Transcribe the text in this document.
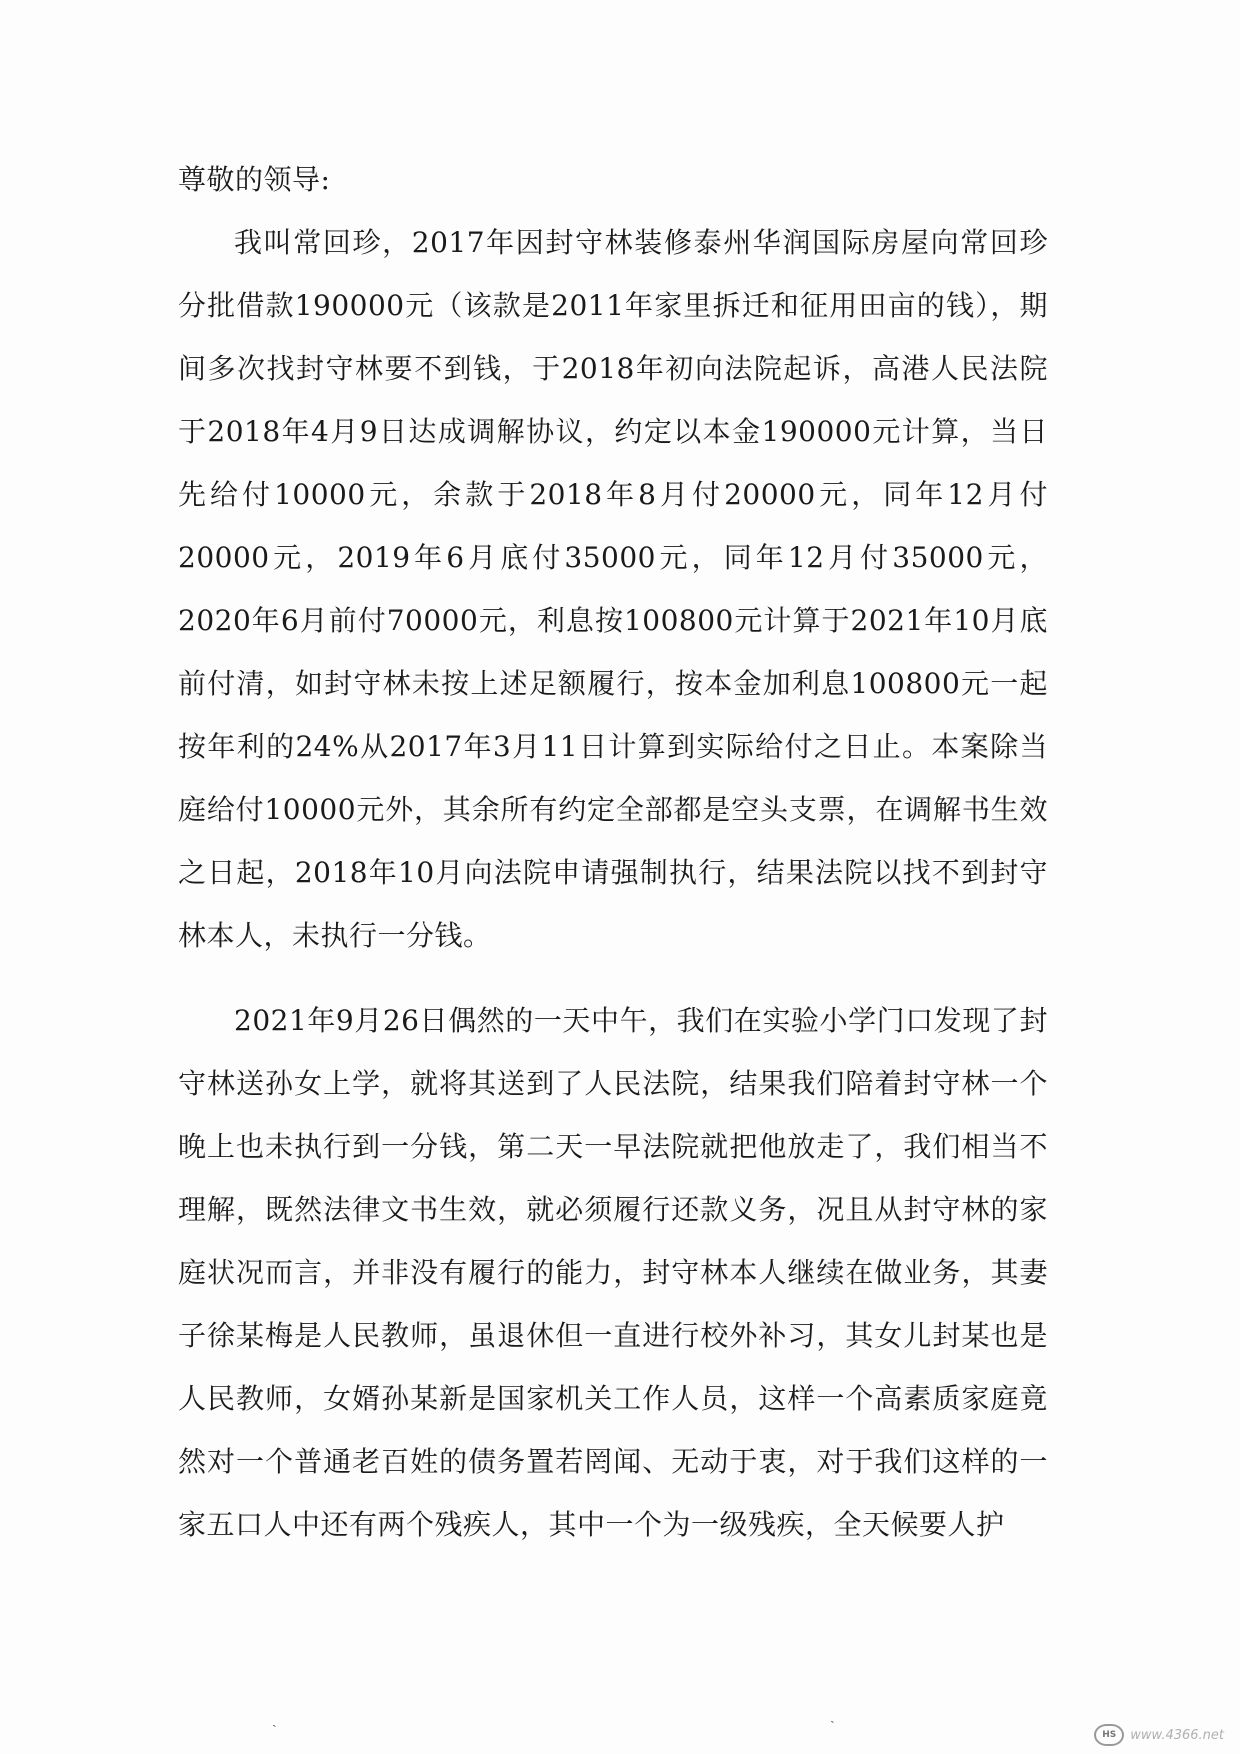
尊敬的领导:

我叫常回珍，2017年因封守林装修泰州华润国际房屋向常回珍分批借款190000元（该款是2011年家里拆迁和征用田亩的钱），期间多次找封守林要不到钱，于2018年初向法院起诉，高港人民法院于2018年4月9日达成调解协议，约定以本金190000元计算，当日先给付10000元，余款于2018年8月付20000元，同年12月付20000元，2019年6月底付35000元，同年12月付35000元，2020年6月前付70000元，利息按100800元计算于2021年10月底前付清，如封守林未按上述足额履行，按本金加利息100800元一起按年利的24%从2017年3月11日计算到实际给付之日止。本案除当庭给付10000元外，其余所有约定全部都是空头支票，在调解书生效之日起，2018年10月向法院申请强制执行，结果法院以找不到封守林本人，未执行一分钱。

2021年9月26日偶然的一天中午，我们在实验小学门口发现了封守林送孙女上学，就将其送到了人民法院，结果我们陪着封守林一个晚上也未执行到一分钱，第二天一早法院就把他放走了，我们相当不理解，既然法律文书生效，就必须履行还款义务，况且从封守林的家庭状况而言，并非没有履行的能力，封守林本人继续在做业务，其妻子徐某梅是人民教师，虽退休但一直进行校外补习，其女儿封某也是人民教师，女婿孙某新是国家机关工作人员，这样一个高素质家庭竟然对一个普通老百姓的债务置若罔闻、无动于衷，对于我们这样的一家五口人中还有两个残疾人，其中一个为一级残疾，全天候要人护

ˏ	ˏ
HS	www.4366.net
